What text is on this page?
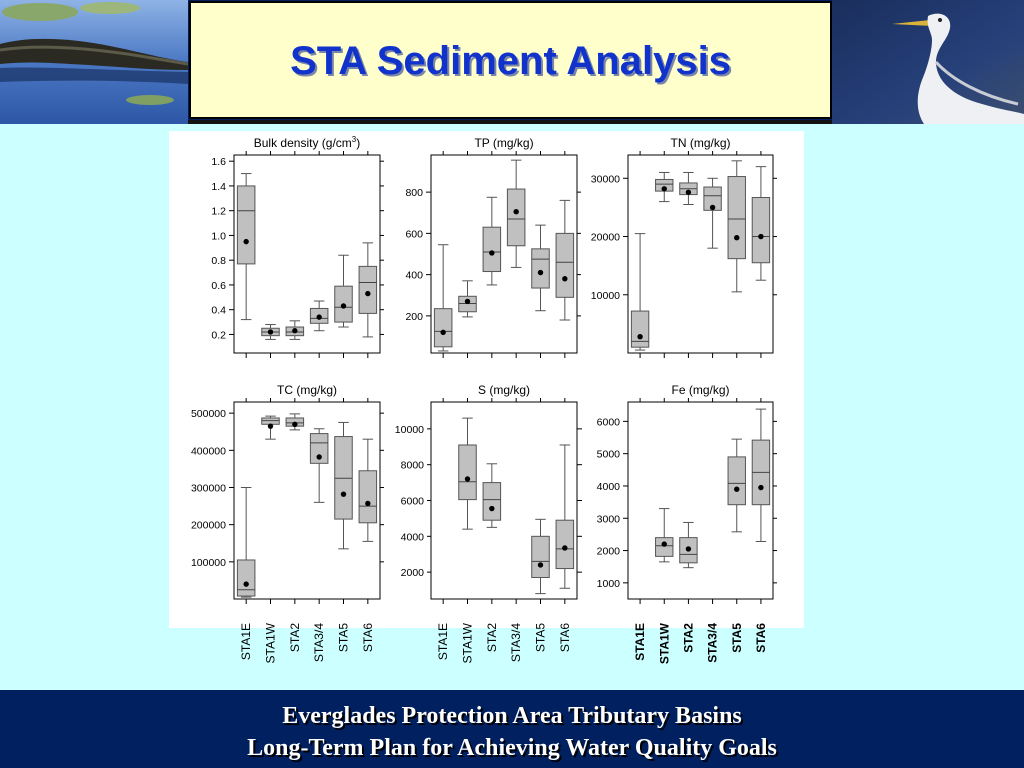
STA Sediment Analysis
Bulk density $(g/cm^3)$
0.2
0.4
0.6
0.8
1.0
1.2
1.4
1.6
TP (mg/kg)
200
400
600
800
TN (mg/kg)
10000
20000
30000
TC (mg/kg)
100000
200000
300000
400000
500000
S (mg/kg)
2000
4000
6000
8000
10000
Fe (mg/kg)
1000
2000
3000
4000
5000
6000
STA1E STA1W STA2 STA3/4 STA5 STA6	STA1E STA1W STA2 STA3/4 STA5 STA6	STA1E STA1W STA2 STA3/4 STA5 STA6
Everglades Protection Area Tributary Basins
Long-Term Plan for Achieving Water Quality Goals
